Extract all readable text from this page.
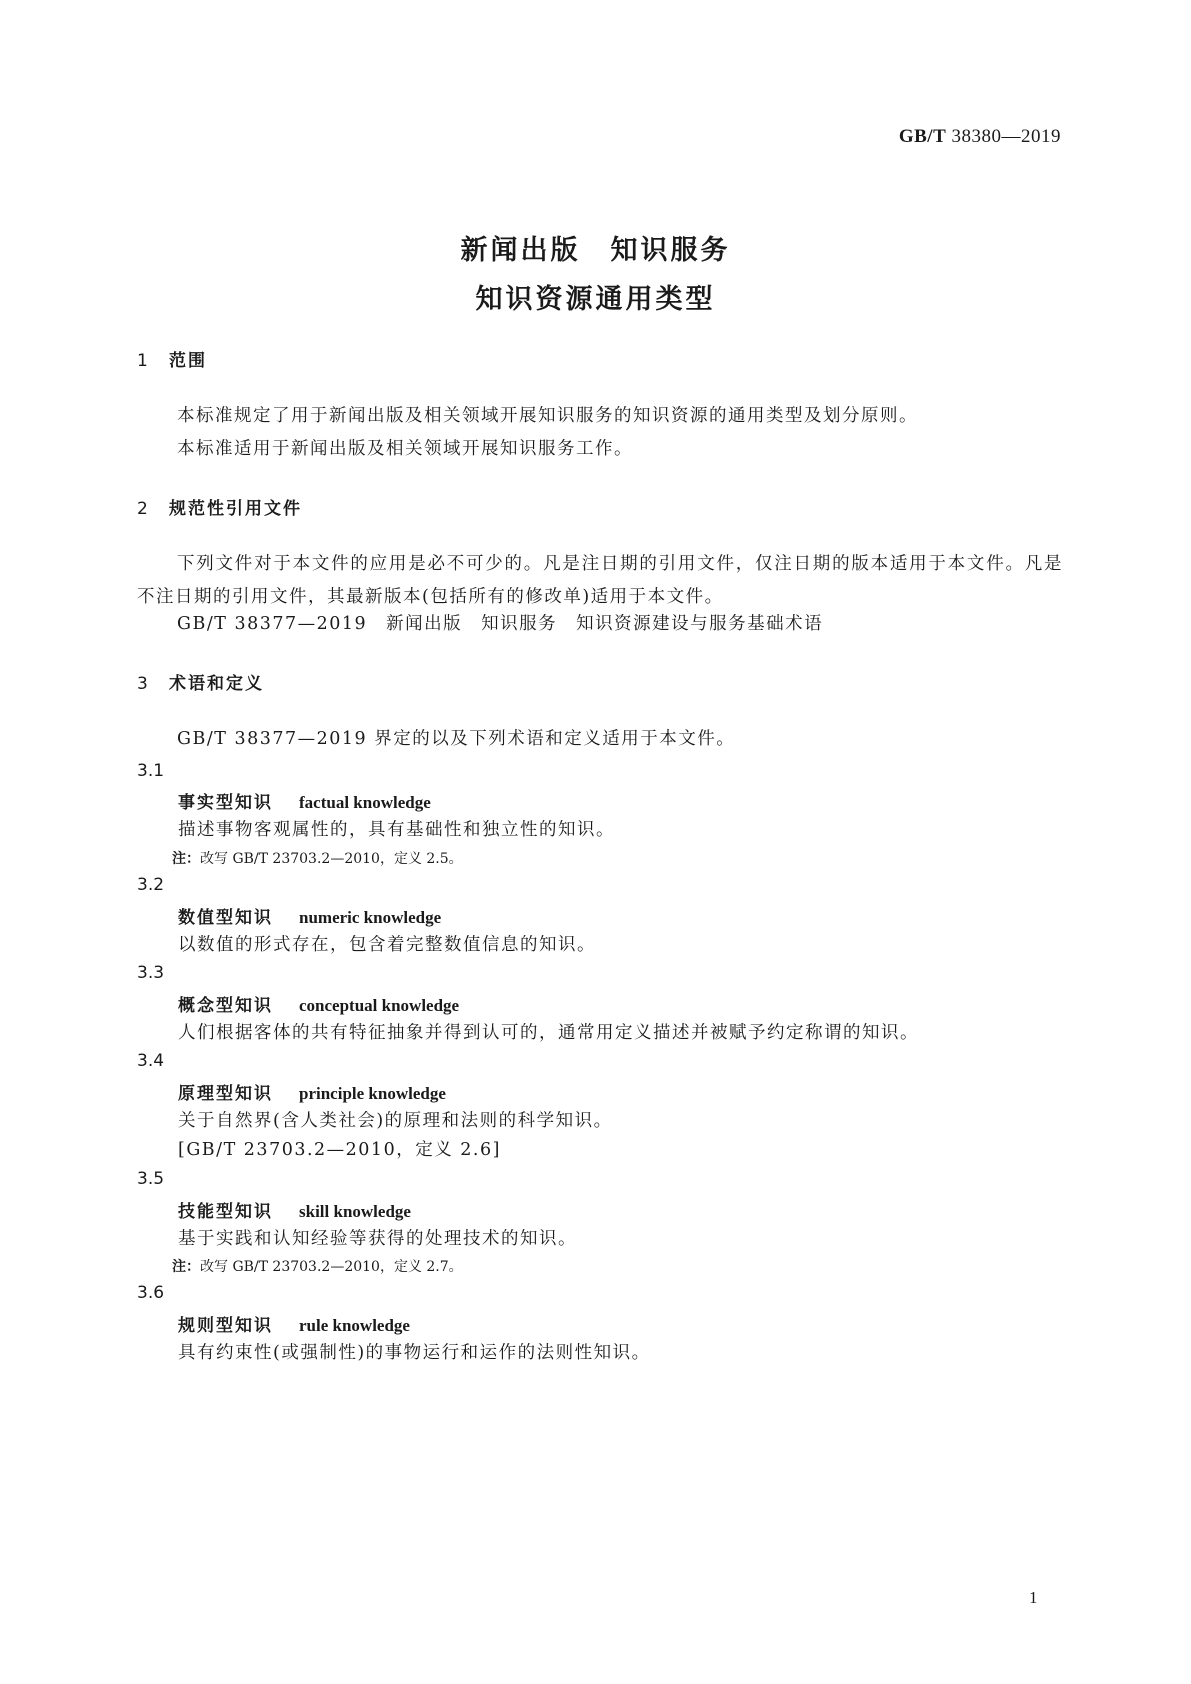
GB/T 38380—2019
新闻出版　知识服务
知识资源通用类型
1 范围

本标准规定了用于新闻出版及相关领域开展知识服务的知识资源的通用类型及划分原则。

本标准适用于新闻出版及相关领域开展知识服务工作。

2 规范性引用文件

下列文件对于本文件的应用是必不可少的。凡是注日期的引用文件，仅注日期的版本适用于本文件。凡是不注日期的引用文件，其最新版本(包括所有的修改单)适用于本文件。

GB/T 38377—2019　新闻出版　知识服务　知识资源建设与服务基础术语

3 术语和定义

GB/T 38377—2019 界定的以及下列术语和定义适用于本文件。

3.1
事实型知识 factual knowledge
描述事物客观属性的，具有基础性和独立性的知识。
注：改写 GB/T 23703.2—2010，定义 2.5。
3.2
数值型知识 numeric knowledge
以数值的形式存在，包含着完整数值信息的知识。
3.3
概念型知识 conceptual knowledge
人们根据客体的共有特征抽象并得到认可的，通常用定义描述并被赋予约定称谓的知识。
3.4
原理型知识 principle knowledge
关于自然界(含人类社会)的原理和法则的科学知识。
[GB/T 23703.2—2010，定义 2.6]
3.5
技能型知识 skill knowledge
基于实践和认知经验等获得的处理技术的知识。
注：改写 GB/T 23703.2—2010，定义 2.7。
3.6
规则型知识 rule knowledge
具有约束性(或强制性)的事物运行和运作的法则性知识。
1
